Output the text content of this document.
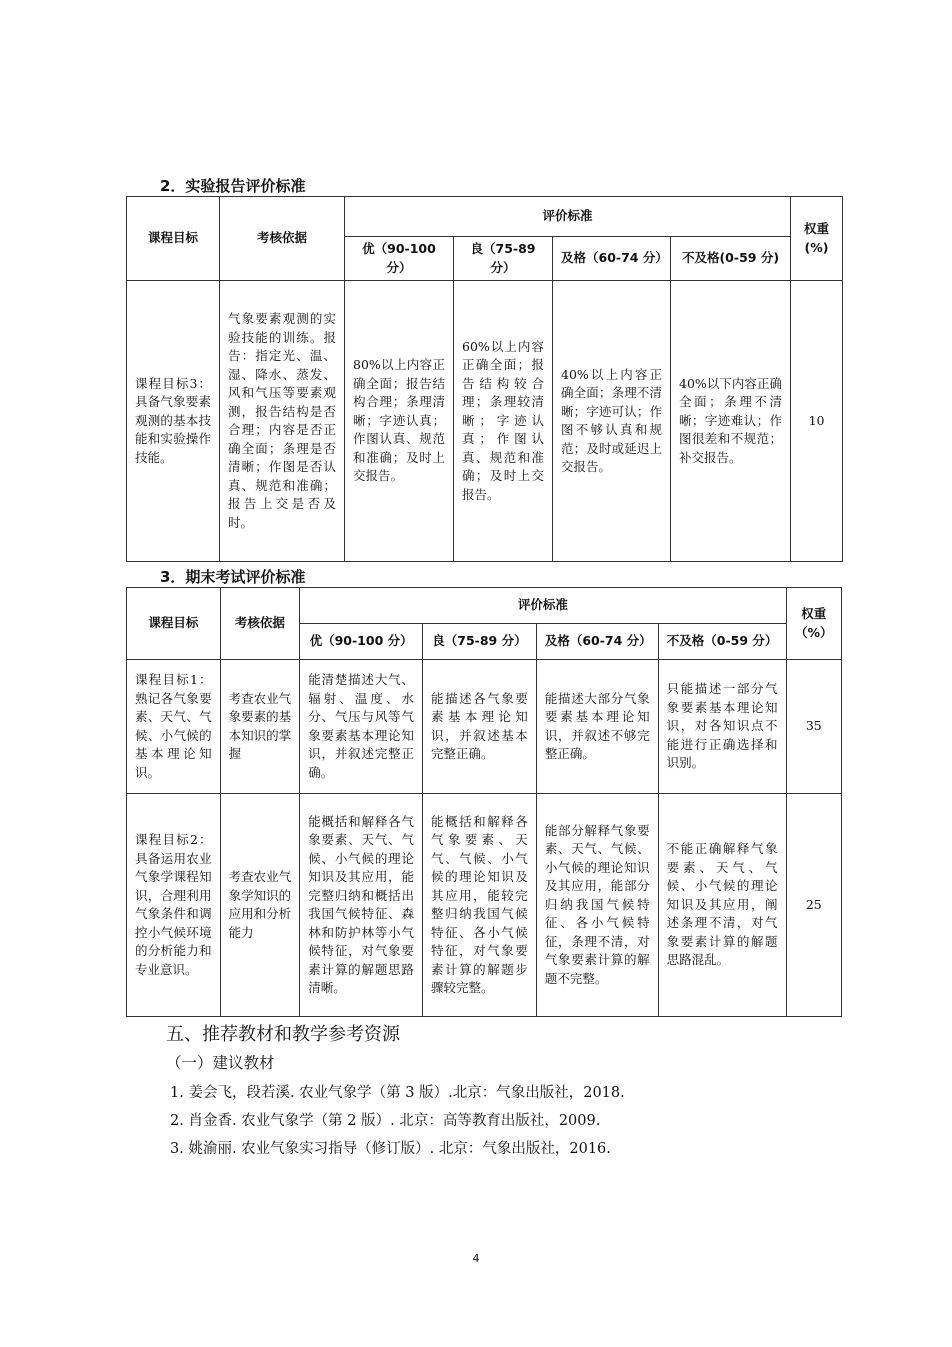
2．实验报告评价标准

课程目标	考核依据	评价标准				权重(%)
		优（90-100 分）	良（75-89 分）	及格（60-74 分）	不及格(0-59 分)	
课程目标3：具备气象要素观测的基本技能和实验操作技能。	气象要素观测的实验技能的训练。报告：指定光、温、湿、降水、蒸发、风和气压等要素观测，报告结构是否合理；内容是否正确全面；条理是否清晰；作图是否认真、规范和准确；报告上交是否及时。	80%以上内容正确全面；报告结构合理；条理清晰；字迹认真；作图认真、规范和准确；及时上交报告。	60%以上内容正确全面；报告结构较合理；条理较清晰；字迹认真；作图认真、规范和准确；及时上交报告。	40%以上内容正确全面；条理不清晰；字迹可认；作图不够认真和规范；及时或延迟上交报告。	40%以下内容正确全面；条理不清晰；字迹难认；作图很差和不规范；补交报告。	10

3．期末考试评价标准

课程目标	考核依据	评价标准				权重（%）
		优（90-100 分）	良（75-89 分）	及格（60-74 分）	不及格（0-59 分）	
课程目标1：熟记各气象要素、天气、气候、小气候的基本理论知识。	考查农业气象要素的基本知识的掌握	能清楚描述大气、辐射、温度、水分、气压与风等气象要素基本理论知识，并叙述完整正确。	能描述各气象要素基本理论知识，并叙述基本完整正确。	能描述大部分气象要素基本理论知识，并叙述不够完整正确。	只能描述一部分气象要素基本理论知识，对各知识点不能进行正确选择和识别。	35
课程目标2：具备运用农业气象学课程知识，合理利用气象条件和调控小气候环境的分析能力和专业意识。	考查农业气象学知识的应用和分析能力	能概括和解释各气象要素、天气、气候、小气候的理论知识及其应用，能完整归纳和概括出我国气候特征、森林和防护林等小气候特征，对气象要素计算的解题思路清晰。	能概括和解释各气象要素、天气、气候、小气候的理论知识及其应用，能较完整归纳我国气候特征、各小气候特征，对气象要素计算的解题步骤较完整。	能部分解释气象要素、天气、气候、小气候的理论知识及其应用，能部分归纳我国气候特征、各小气候特征，条理不清，对气象要素计算的解题不完整。	不能正确解释气象要素、天气、气候、小气候的理论知识及其应用，阐述条理不清，对气象要素计算的解题思路混乱。	25
五、推荐教材和教学参考资源
（一）建议教材
1. 姜会飞，段若溪. 农业气象学（第 3 版）.北京：气象出版社，2018.
2. 肖金香. 农业气象学（第 2 版）. 北京：高等教育出版社，2009.
3. 姚渝丽. 农业气象实习指导（修订版）. 北京：气象出版社，2016.
4
